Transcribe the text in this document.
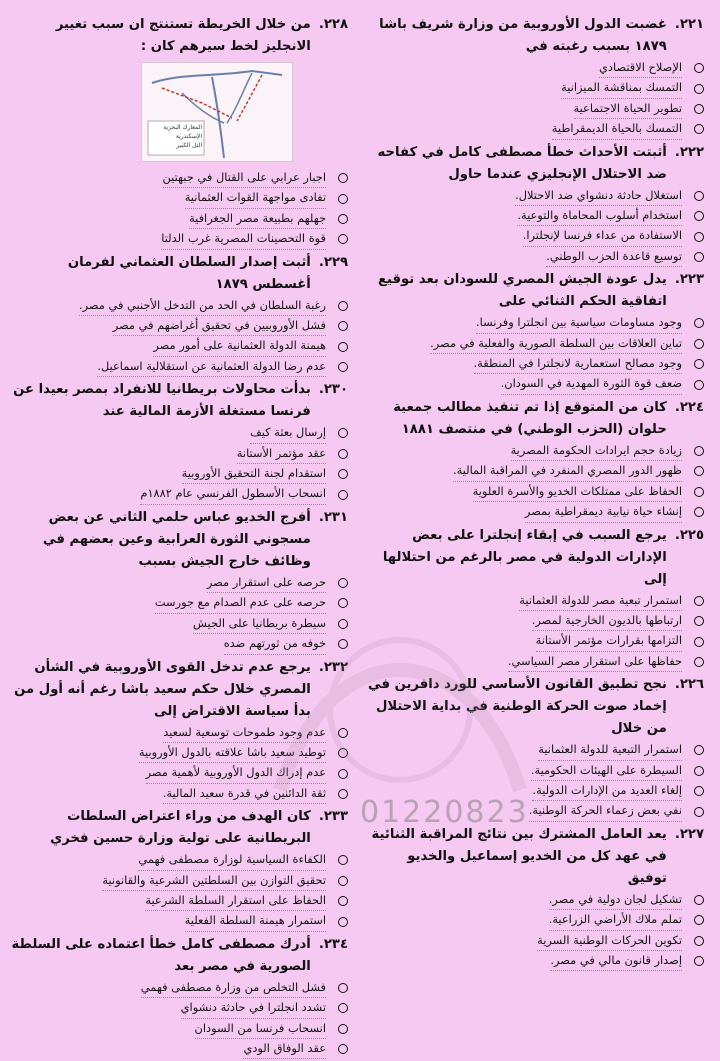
٢٢١.
غضبت الدول الأوروبية من وزارة شريف باشا ١٨٧٩ بسبب رغبته في
الإصلاح الاقتصادي
التمسك بمناقشة الميزانية
تطوير الحياة الاجتماعية
التمسك بالحياة الديمقراطية
٢٢٢.
أثبتت الأحداث خطأ مصطفى كامل في كفاحه ضد الاحتلال الإنجليزي عندما حاول
استغلال حادثة دنشواي ضد الاحتلال.
استخدام أسلوب المحاماة والتوعية.
الاستفادة من عداء فرنسا لإنجلترا.
توسيع قاعدة الحزب الوطني.
٢٢٣.
يدل عودة الجيش المصري للسودان بعد توقيع اتفاقية الحكم الثنائي على
وجود مساومات سياسية بين انجلترا وفرنسا.
تباين العلاقات بين السلطة الصورية والفعلية في مصر.
وجود مصالح استعمارية لانجلترا في المنطقة.
ضعف قوة الثورة المهدية في السودان.
٢٢٤.
كان من المتوقع إذا تم تنفيذ مطالب جمعية حلوان (الحزب الوطني) في منتصف ١٨٨١
زيادة حجم ايرادات الحكومة المصرية
ظهور الدور المصري المنفرد في المراقبة المالية.
الحفاظ على ممتلكات الخديو والأسرة العلوية
إنشاء حياة نيابية ديمقراطية بمصر
٢٢٥.
يرجع السبب في إبقاء إنجلترا على بعض الإدارات الدولية في مصر بالرغم من احتلالها إلى
استمرار تبعية مصر للدولة العثمانية
ارتباطها بالديون الخارجية لمصر.
التزامها بقرارات مؤتمر الأستانة
حفاظها على استقرار مصر السياسي.
٢٢٦.
نجح تطبيق القانون الأساسي للورد دافرين في إخماد صوت الحركة الوطنية في بداية الاحتلال من خلال
استمرار التبعية للدولة العثمانية
السيطرة على الهيئات الحكومية.
إلغاء العديد من الإدارات الدولية.
نفي بعض زعماء الحركة الوطنية.
٢٢٧.
يعد العامل المشترك بين نتائج المراقبة الثنائية في عهد كل من الخديو إسماعيل والخديو توفيق
تشكيل لجان دولية في مصر.
تملم ملاك الأراضي الزراعية.
تكوين الحركات الوطنية السرية
إصدار قانون مالي في مصر.
٢٢٨.
من خلال الخريطة تستنتج ان سبب تغيير الانجليز لخط سيرهم كان :
المعارك البحرية
الإسكندرية
التل الكبير
اجبار عرابي على القتال في جبهتين
تفادى مواجهة القوات العثمانية
جهلهم بطبيعة مصر الجغرافية
قوة التحصينات المصرية غرب الدلتا
٢٢٩.
أثبت إصدار السلطان العثماني لفرمان أغسطس ١٨٧٩
رغبة السلطان في الحد من التدخل الأجنبي في مصر.
فشل الأوروبيين في تحقيق أغراضهم في مصر
هيمنة الدولة العثمانية على أمور مصر
عدم رضا الدولة العثمانية عن استقلالية اسماعيل.
٢٣٠.
بدأت محاولات بريطانيا للانفراد بمصر بعيدا عن فرنسا مستغلة الأزمة المالية عند
إرسال بعثة كيف
عقد مؤتمر الأستانة
استقدام لجنة التحقيق الأوروبية
انسحاب الأسطول الفرنسي عام ١٨٨٢م
٢٣١.
أفرج الخديو عباس حلمي الثاني عن بعض مسجوني الثورة العرابية وعين بعضهم في وظائف خارج الجيش بسبب
حرصه على استقرار مصر
حرصه على عدم الصدام مع جورست
سيطرة بريطانيا على الجيش
خوفه من ثورتهم ضده
٢٣٢.
يرجع عدم تدخل القوى الأوروبية في الشأن المصري خلال حكم سعيد باشا رغم أنه أول من بدأ سياسة الاقتراض إلى
عدم وجود طموحات توسعية لسعيد
توطيد سعيد باشا علاقته بالدول الأوروبية
عدم إدراك الدول الأوروبية لأهمية مصر
ثقة الدائنين في قدرة سعيد المالية.
٢٣٣.
كان الهدف من وراء اعتراض السلطات البريطانية على تولية وزارة حسين فخري
الكفاءة السياسية لوزارة مصطفى فهمي
تحقيق التوازن بين السلطتين الشرعية والقانونية
الحفاظ على استقرار السلطة الشرعية
استمرار هيمنة السلطة الفعلية
٢٣٤.
أدرك مصطفى كامل خطأ اعتماده على السلطة الصورية في مصر بعد
فشل التخلص من وزارة مصطفى فهمي
تشدد انجلترا في حادثة دنشواي
انسحاب فرنسا من السودان
عقد الوفاق الودي
01220823
